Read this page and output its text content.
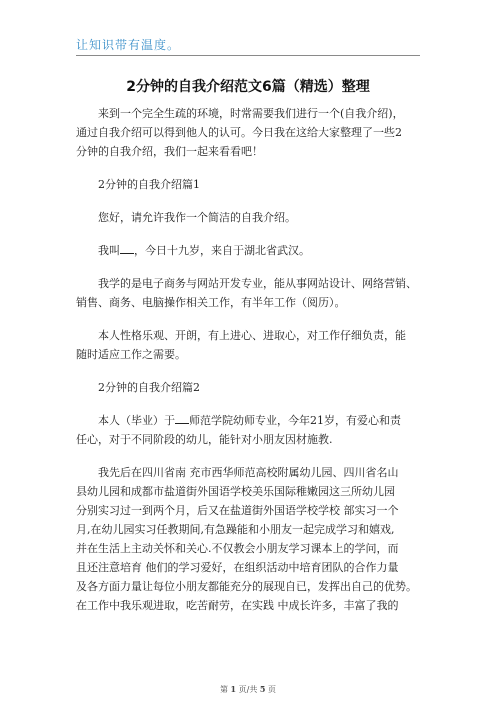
让知识带有温度。
2分钟的自我介绍范文6篇（精选）整理

来到一个完全生疏的环境，时常需要我们进行一个(自我介绍)，

通过自我介绍可以得到他人的认可。今日我在这给大家整理了一些2

分钟的自我介绍，我们一起来看看吧！

2分钟的自我介绍篇1

您好，请允许我作一个简洁的自我介绍。

我叫 ，今日十九岁，来自于湖北省武汉。

我学的是电子商务与网站开发专业，能从事网站设计、网络营销、

销售、商务、电脑操作相关工作，有半年工作（阅历）。

本人性格乐观、开朗，有上进心、进取心，对工作仔细负责，能

随时适应工作之需要。

2分钟的自我介绍篇2

本人（毕业）于 师范学院幼师专业，今年21岁，有爱心和责

任心，对于不同阶段的幼儿，能针对小朋友因材施教.

我先后在四川省南 充市西华师范高校附属幼儿园、四川省名山

县幼儿园和成都市盐道街外国语学校美乐国际稚嫩园这三所幼儿园

分别实习过一到两个月，后又在盐道街外国语学校学校 部实习一个

月,在幼儿园实习任教期间,有急躁能和小朋友一起完成学习和嬉戏,

并在生活上主动关怀和关心.不仅教会小朋友学习课本上的学问，而

且还注意培育 他们的学习爱好，在组织活动中培育团队的合作力量

及各方面力量让每位小朋友都能充分的展现自已，发挥出自己的优势。

在工作中我乐观进取，吃苦耐劳，在实践 中成长许多，丰富了我的

第 1 页/共 5 页
